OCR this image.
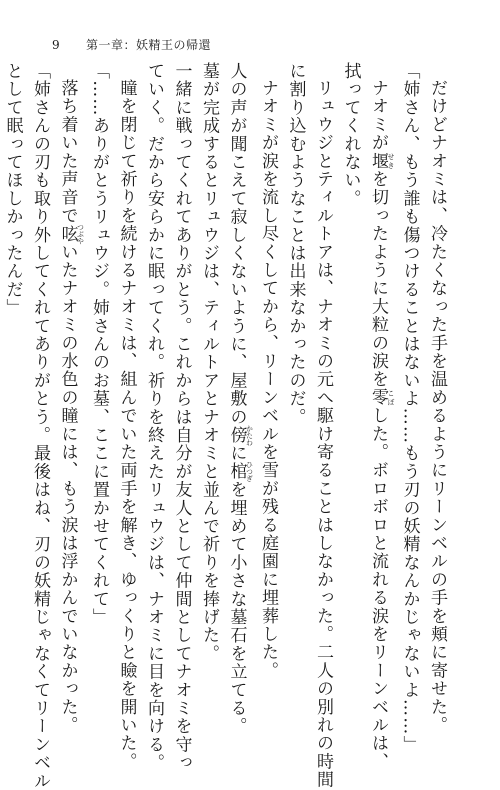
9 第一章：妖精王の帰還
だけどナオミは、冷たくなった手を温めるようにリーンベルの手を頬に寄せた。
「姉さん、もう誰も傷つけることはないよ……もう刃の妖精なんかじゃないよ……」
ナオミが堰 せきを切ったように大粒の涙を零 こぼした。ボロボロと流れる涙をリーンベルは、
拭ってくれない。
リュウジとティルトアは、ナオミの元へ駆け寄ることはしなかった。二人の別れの時間
に割り込むようなことは出来なかったのだ。
ナオミが涙を流し尽くしてから、リーンベルを雪が残る庭園に埋葬した。
人の声が聞こえて寂しくないように、屋敷の傍 かたわに棺 ひつぎを埋めて小さな墓石を立てる。
墓が完成するとリュウジは、ティルトアとナオミと並んで祈りを捧げた。
一緒に戦ってくれてありがとう。これからは自分が友人として仲間としてナオミを守っ
ていく。だから安らかに眠ってくれ。祈りを終えたリュウジは、ナオミに目を向ける。
瞳を閉じて祈りを続けるナオミは、組んでいた両手を解き、ゆっくりと瞼を開いた。
「……ありがとうリュウジ。姉さんのお墓、ここに置かせてくれて」
落ち着いた声音で呟 つぶやいたナオミの水色の瞳には、もう涙は浮かんでいなかった。
「姉さんの刃も取り外してくれてありがとう。最後はね、刃の妖精じゃなくてリーンベル
として眠ってほしかったんだ」
